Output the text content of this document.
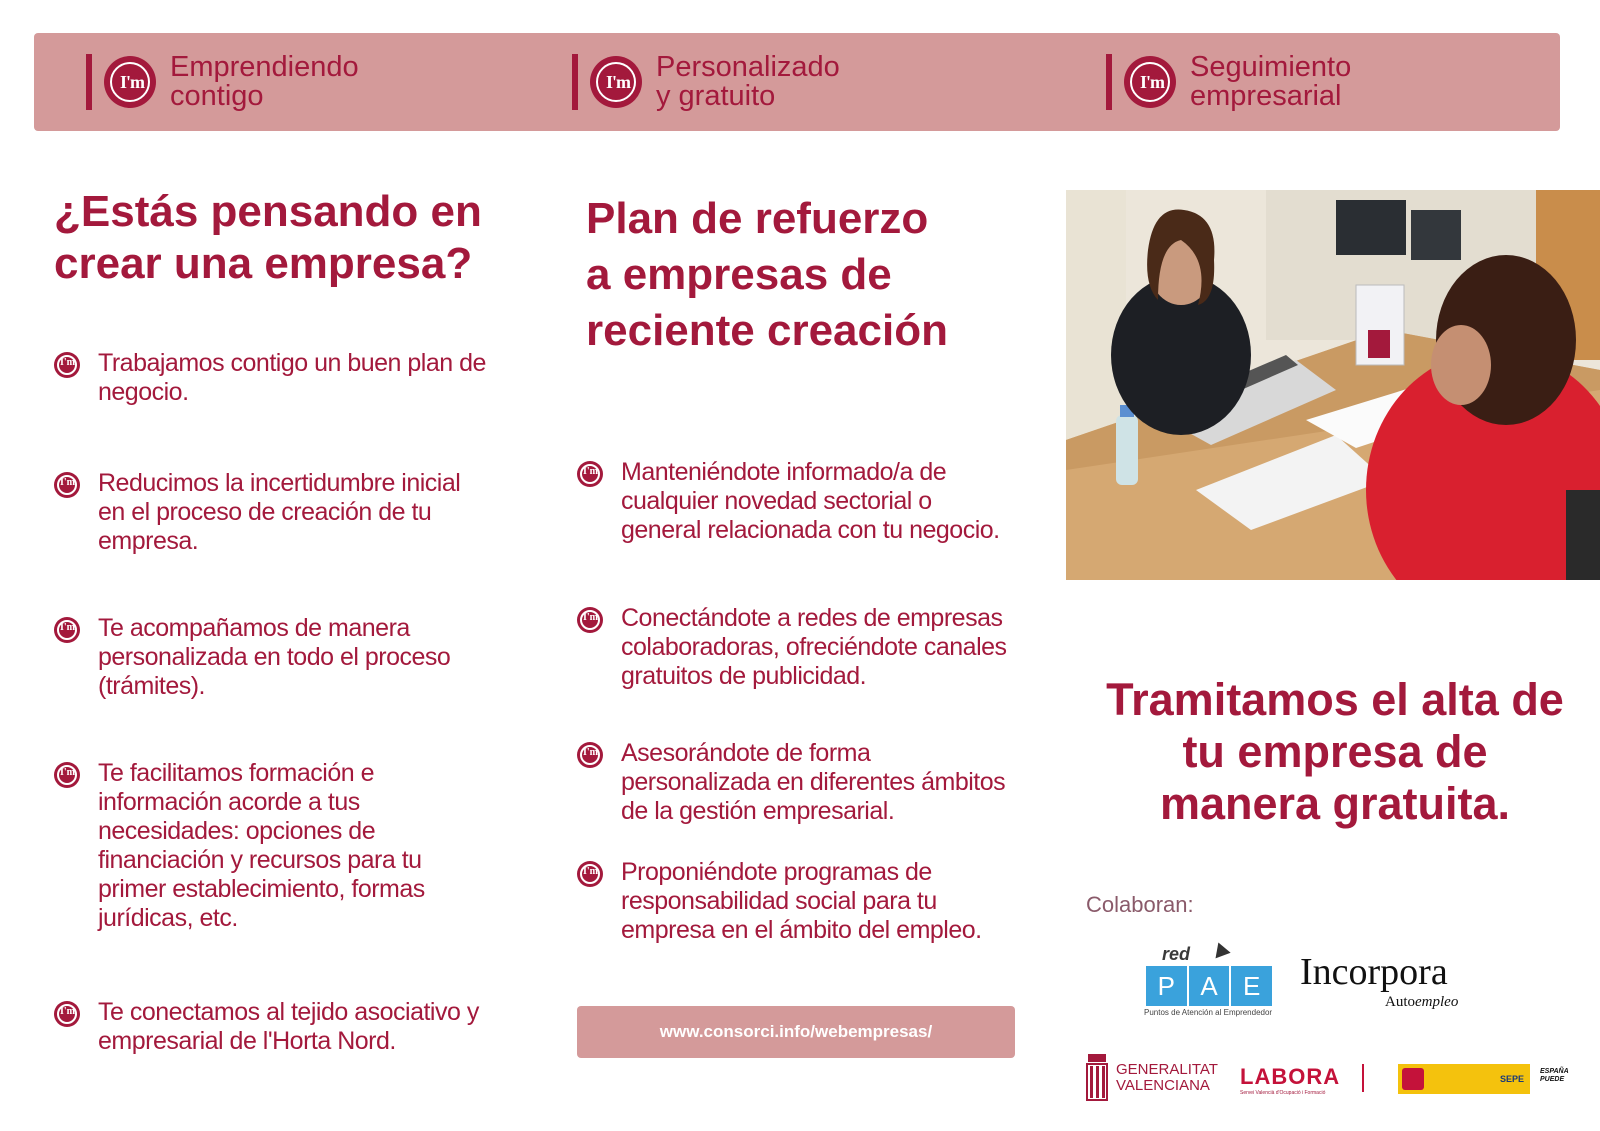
I'm Emprendiendo
contigo	I'm Personalizado
y gratuito	I'm Seguimiento
empresarial
¿Estás pensando en
crear una empresa?
I'm Trabajamos contigo un buen plan de
negocio.
I'm Reducimos la incertidumbre inicial
en el proceso de creación de tu
empresa.
I'm Te acompañamos de manera
personalizada en todo el proceso
(trámites).
I'm Te facilitamos formación e
información acorde a tus
necesidades: opciones de
financiación y recursos para tu
primer establecimiento, formas
jurídicas, etc.
I'm Te conectamos al tejido asociativo y
empresarial de l'Horta Nord.
Plan de refuerzo
a empresas de
reciente creación
I'm Manteniéndote informado/a de
cualquier novedad sectorial o
general relacionada con tu negocio.
I'm Conectándote a redes de empresas
colaboradoras, ofreciéndote canales
gratuitos de publicidad.
I'm Asesorándote de forma
personalizada en diferentes ámbitos
de la gestión empresarial.
I'm Proponiéndote programas de
responsabilidad social para tu
empresa en el ámbito del empleo.
www.consorci.info/webempresas/
Tramitamos el alta de
tu empresa de
manera gratuita.
Colaboran:
red
P A E
Puntos de Atención al Emprendedor
Incorpora
Autoempleo
GENERALITAT
VALENCIANA	LABORA
Servei Valencià d'Ocupació i Formació
SEPE
ESPAÑA
PUEDE
